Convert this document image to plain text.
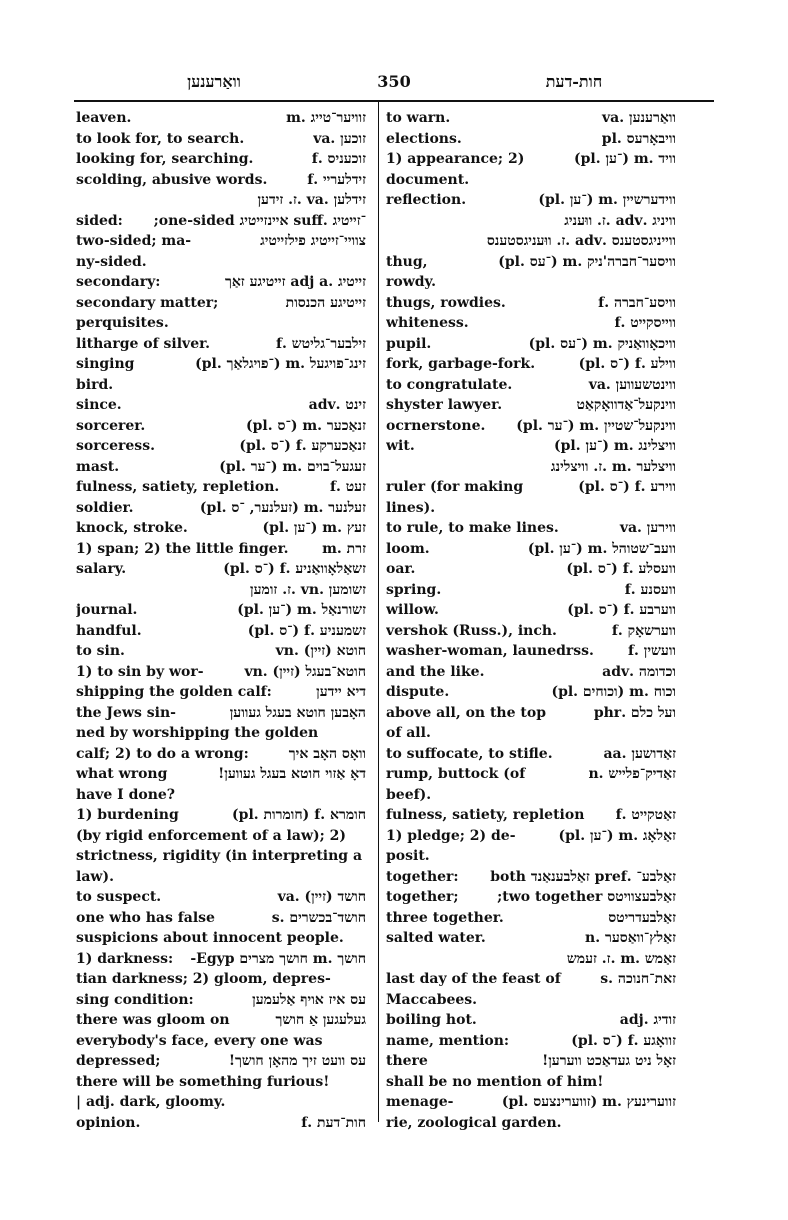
וואַרענען	350	חות-דעת
leaven.	זוויער־טייג .m
to look for, to search.	זוכען .va
looking for, searching.	זוכעניס .f
scolding, abusive words.	זידלעריי .f
זידלען .va .ז. זידען
sided: ־זייטיג .suff איינזייטיג one-sided;
two-sided; ma-	צוויי־זייטיג פילזייטיג
ny-sided.
secondary:	זייטיג .adj a זייטיגע זאַך
secondary matter;	זייטיגע הכנסות
perquisites.
litharge of silver.	זילבער־גליטש .f
singing	זינג־פויגעל .m (־פויגלאַך .pl)
bird.
since.	זינט .adv
sorcerer.	זנאַכער .m (־ס .pl)
sorceress.	זנאַכערקע .f (־ס .pl)
mast.	זעגעל־בוים .m (־ער .pl)
fulness, satiety, repletion.	זעט .f
soldier.	זעלנער .m (זעלנער, ־ס .pl)
knock, stroke.	זעץ .m (־ען .pl)
1) span; 2) the little finger. זרת .m
salary.	זשאַלאָוואַניע .f (־ס .pl)
זשומען .vn .ז. זומען
journal.	זשורנאַל .m (־ען .pl)
handful.	זשמעניע .f (־ס .pl)
to sin.	חוטא (זיין) .vn
1) to sin by wor-	חוטא־בעגל (זיין) .vn
shipping the golden calf:	דיא יידען
the Jews sin-	האָבען חוטא בעגל געווען
ned by worshipping the golden
calf; 2) to do a wrong:	וואָס האָב איך
what wrong	דאָ אַזוי חוטא בעגל געווען!
have I done?
1) burdening	חומרא .f (חומרות .pl)
(by rigid enforcement of a law); 2)
strictness, rigidity (in interpreting a
law).
to suspect.	חושד (זיין) .va
one who has false	חושד־בכשרים .s
suspicions about innocent people.
1) darkness: חושך .m חושך מצרים Egyp-
tian darkness; 2) gloom, depres-
sing condition:	עס איז אויף אַלעמען
there was gloom on	געלעגען אַ חושך
everybody's face, every one was
depressed;	עס וועט זיך מהאָן חושך!
there will be something furious!
| adj. dark, gloomy.
opinion.	חות־דעת .f
to warn.	וואַרענען .va
elections.	וויבאָרעס .pl
1) appearance; 2)	וויד .m (־ען .pl)
document.
reflection.	ווידערשיין .m (־ען .pl)
וויניג .adv .ז. ווּעניג
ווייניגסטענס .adv .ז. ווּעניגסטענס
thug,	וויסער־חברה'ניק .m (־עס .pl)
rowdy.
thugs, rowdies.	וויסע־חברה .f
whiteness.	ווייסקייט .f
pupil.	וויכאָוואַניק .m (־עס .pl)
fork, garbage-fork.	ווילע .f (־ס .pl)
to congratulate.	ווינטשעווען .va
shyster lawyer.	ווינקעל־אַדוואָקאַט
ocrnerstone. ווינקעל־שטיין .m (־ער .pl)
wit.	וויצלינג .m (־ען .pl)
וויצלער .m .ז. וויצלינג
ruler (for making	ווירע .f (־ס .pl)
lines).
to rule, to make lines.	ווירען .va
loom.	וועב־שטוהל .m (־ען .pl)
oar.	וועסלע .f (־ס .pl)
spring.	וועסנע .f
willow.	ווערבע .f (־ס .pl)
vershok (Russ.), inch.	ווערשאָק .f
washer-woman, launedrss. וועשין .f
and the like.	וכדומה .adv
dispute.	וכוח .m (וכוחים .pl)
above all, on the top	ועל כלם .phr
of all.
to suffocate, to stifle.	זאַדושען .aa
rump, buttock (of	זאַדיק־פלייש .n
beef).
fulness, satiety, repletion זאַטקייט .f
1) pledge; 2) de-	זאַלאָג .m (־ען .pl)
posit.
together: זאַלבע־ .pref זאַלבענאַנד both
together;	זאַלבעצוויטס two together;
three together.	זאַלבעדריטס
salted water.	זאַלץ־וואַסער .n
זאַמש .m .ז. זעמש
last day of the feast of	זאת־חנוכה .s
Maccabees.
boiling hot.	זודיג .adj
name, mention:	זוואָגע .f (־ס .pl)
there	זאָל ניט געדאַכט ווערען!
shall be no mention of him!
menage-	זווערינעץ .m (זווערינצעס .pl)
rie, zoological garden.
